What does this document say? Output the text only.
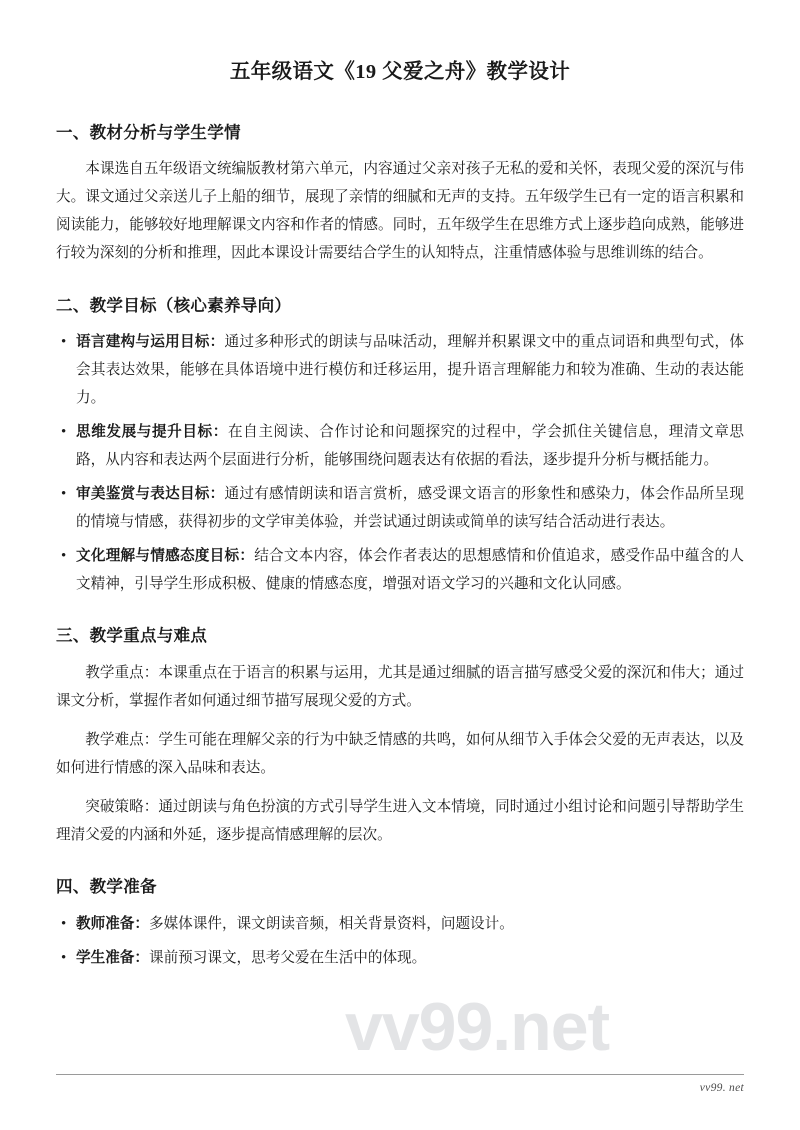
vv99.net
五年级语文《19 父爱之舟》教学设计
一、教材分析与学生学情

本课选自五年级语文统编版教材第六单元，内容通过父亲对孩子无私的爱和关怀，表现父爱的深沉与伟大。课文通过父亲送儿子上船的细节，展现了亲情的细腻和无声的支持。五年级学生已有一定的语言积累和阅读能力，能够较好地理解课文内容和作者的情感。同时，五年级学生在思维方式上逐步趋向成熟，能够进行较为深刻的分析和推理，因此本课设计需要结合学生的认知特点，注重情感体验与思维训练的结合。

二、教学目标（核心素养导向）
• 语言建构与运用目标：通过多种形式的朗读与品味活动，理解并积累课文中的重点词语和典型句式，体会其表达效果，能够在具体语境中进行模仿和迁移运用，提升语言理解能力和较为准确、生动的表达能力。
• 思维发展与提升目标：在自主阅读、合作讨论和问题探究的过程中，学会抓住关键信息，理清文章思路，从内容和表达两个层面进行分析，能够围绕问题表达有依据的看法，逐步提升分析与概括能力。
• 审美鉴赏与表达目标：通过有感情朗读和语言赏析，感受课文语言的形象性和感染力，体会作品所呈现的情境与情感，获得初步的文学审美体验，并尝试通过朗读或简单的读写结合活动进行表达。
• 文化理解与情感态度目标：结合文本内容，体会作者表达的思想感情和价值追求，感受作品中蕴含的人文精神，引导学生形成积极、健康的情感态度，增强对语文学习的兴趣和文化认同感。
三、教学重点与难点

教学重点：本课重点在于语言的积累与运用，尤其是通过细腻的语言描写感受父爱的深沉和伟大；通过课文分析，掌握作者如何通过细节描写展现父爱的方式。

教学难点：学生可能在理解父亲的行为中缺乏情感的共鸣，如何从细节入手体会父爱的无声表达，以及如何进行情感的深入品味和表达。

突破策略：通过朗读与角色扮演的方式引导学生进入文本情境，同时通过小组讨论和问题引导帮助学生理清父爱的内涵和外延，逐步提高情感理解的层次。

四、教学准备
• 教师准备：多媒体课件，课文朗读音频，相关背景资料，问题设计。
• 学生准备：课前预习课文，思考父爱在生活中的体现。
vv99. net
